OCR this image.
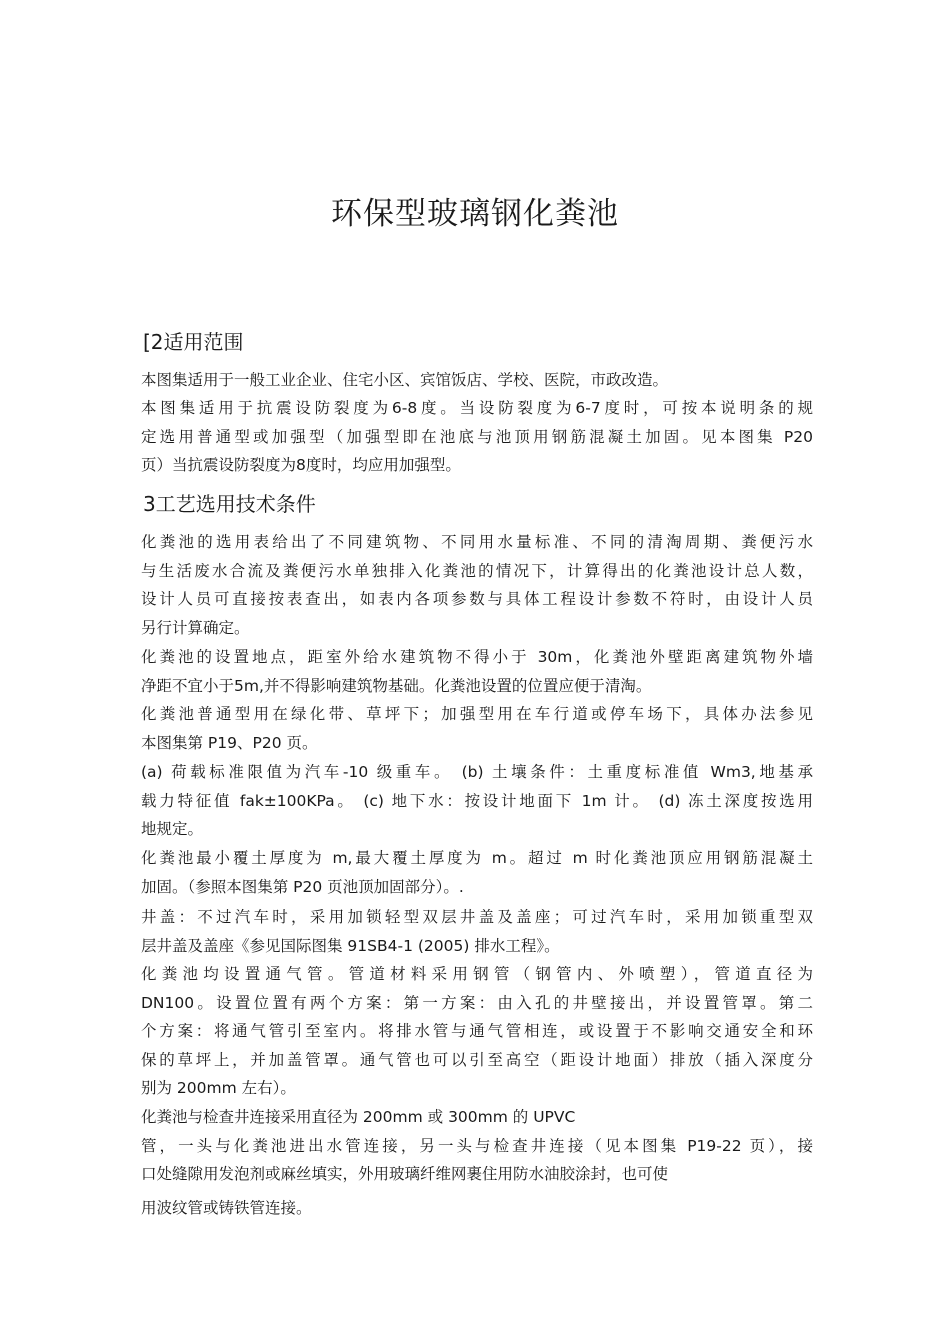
环保型玻璃钢化粪池
[2适用范围
本图集适用于一般工业企业、住宅小区、宾馆饭店、学校、医院，市政改造。
本图集适用于抗震设防裂度为6-8度。当设防裂度为6-7度时，可按本说明条的规
定选用普通型或加强型（加强型即在池底与池顶用钢筋混凝土加固。见本图集 P20
页）当抗震设防裂度为8度时，均应用加强型。
3工艺选用技术条件
化粪池的选用表给出了不同建筑物、不同用水量标准、不同的清淘周期、粪便污水
与生活废水合流及粪便污水单独排入化粪池的情况下，计算得出的化粪池设计总人数，
设计人员可直接按表查出，如表内各项参数与具体工程设计参数不符时，由设计人员
另行计算确定。
化粪池的设置地点，距室外给水建筑物不得小于 30m，化粪池外壁距离建筑物外墙
净距不宜小于5m,并不得影响建筑物基础。化粪池设置的位置应便于清淘。
化粪池普通型用在绿化带、草坪下；加强型用在车行道或停车场下，具体办法参见
本图集第 P19、P20 页。
(a) 荷载标准限值为汽车-10 级重车。 (b) 土壤条件：土重度标准值 Wm3,地基承
载力特征值 fak±100KPa。 (c) 地下水：按设计地面下 1m 计。 (d) 冻土深度按选用
地规定。
化粪池最小覆土厚度为 m,最大覆土厚度为 m。超过 m 时化粪池顶应用钢筋混凝土
加固。（参照本图集第 P20 页池顶加固部分）。.
井盖：不过汽车时，采用加锁轻型双层井盖及盖座；可过汽车时，采用加锁重型双
层井盖及盖座《参见国际图集 91SB4-1 (2005) 排水工程》。
化粪池均设置通气管。管道材料采用钢管（钢管内、外喷塑），管道直径为
DN100。设置位置有两个方案：第一方案：由入孔的井壁接出，并设置管罩。第二
个方案：将通气管引至室内。将排水管与通气管相连，或设置于不影响交通安全和环
保的草坪上，并加盖管罩。通气管也可以引至高空（距设计地面）排放（插入深度分
别为 200mm 左右）。
化粪池与检查井连接采用直径为 200mm 或 300mm 的 UPVC
管，一头与化粪池进出水管连接，另一头与检查井连接（见本图集 P19-22 页），接
口处缝隙用发泡剂或麻丝填实，外用玻璃纤维网裹住用防水油胶涂封，也可使
用波纹管或铸铁管连接。
